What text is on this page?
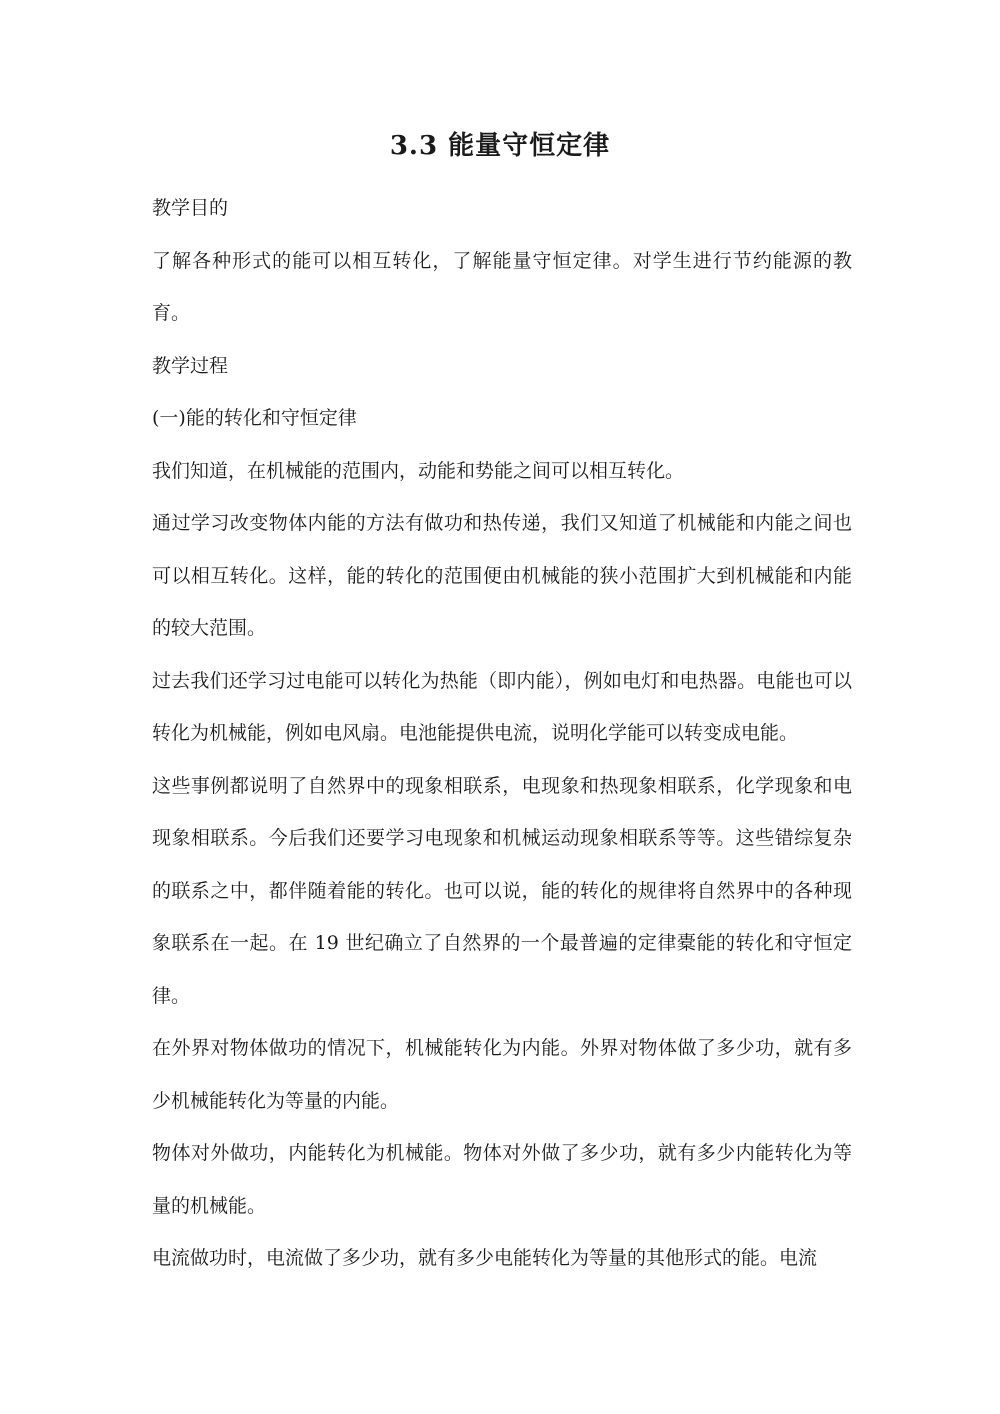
3.3 能量守恒定律

教学目的

了解各种形式的能可以相互转化，了解能量守恒定律。对学生进行节约能源的教育。

教学过程

(一)能的转化和守恒定律

我们知道，在机械能的范围内，动能和势能之间可以相互转化。

通过学习改变物体内能的方法有做功和热传递，我们又知道了机械能和内能之间也可以相互转化。这样，能的转化的范围便由机械能的狭小范围扩大到机械能和内能的较大范围。

过去我们还学习过电能可以转化为热能（即内能），例如电灯和电热器。电能也可以转化为机械能，例如电风扇。电池能提供电流，说明化学能可以转变成电能。

这些事例都说明了自然界中的现象相联系，电现象和热现象相联系，化学现象和电现象相联系。今后我们还要学习电现象和机械运动现象相联系等等。这些错综复杂的联系之中，都伴随着能的转化。也可以说，能的转化的规律将自然界中的各种现象联系在一起。在 19 世纪确立了自然界的一个最普遍的定律橐能的转化和守恒定律。

在外界对物体做功的情况下，机械能转化为内能。外界对物体做了多少功，就有多少机械能转化为等量的内能。

物体对外做功，内能转化为机械能。物体对外做了多少功，就有多少内能转化为等量的机械能。

电流做功时，电流做了多少功，就有多少电能转化为等量的其他形式的能。电流
